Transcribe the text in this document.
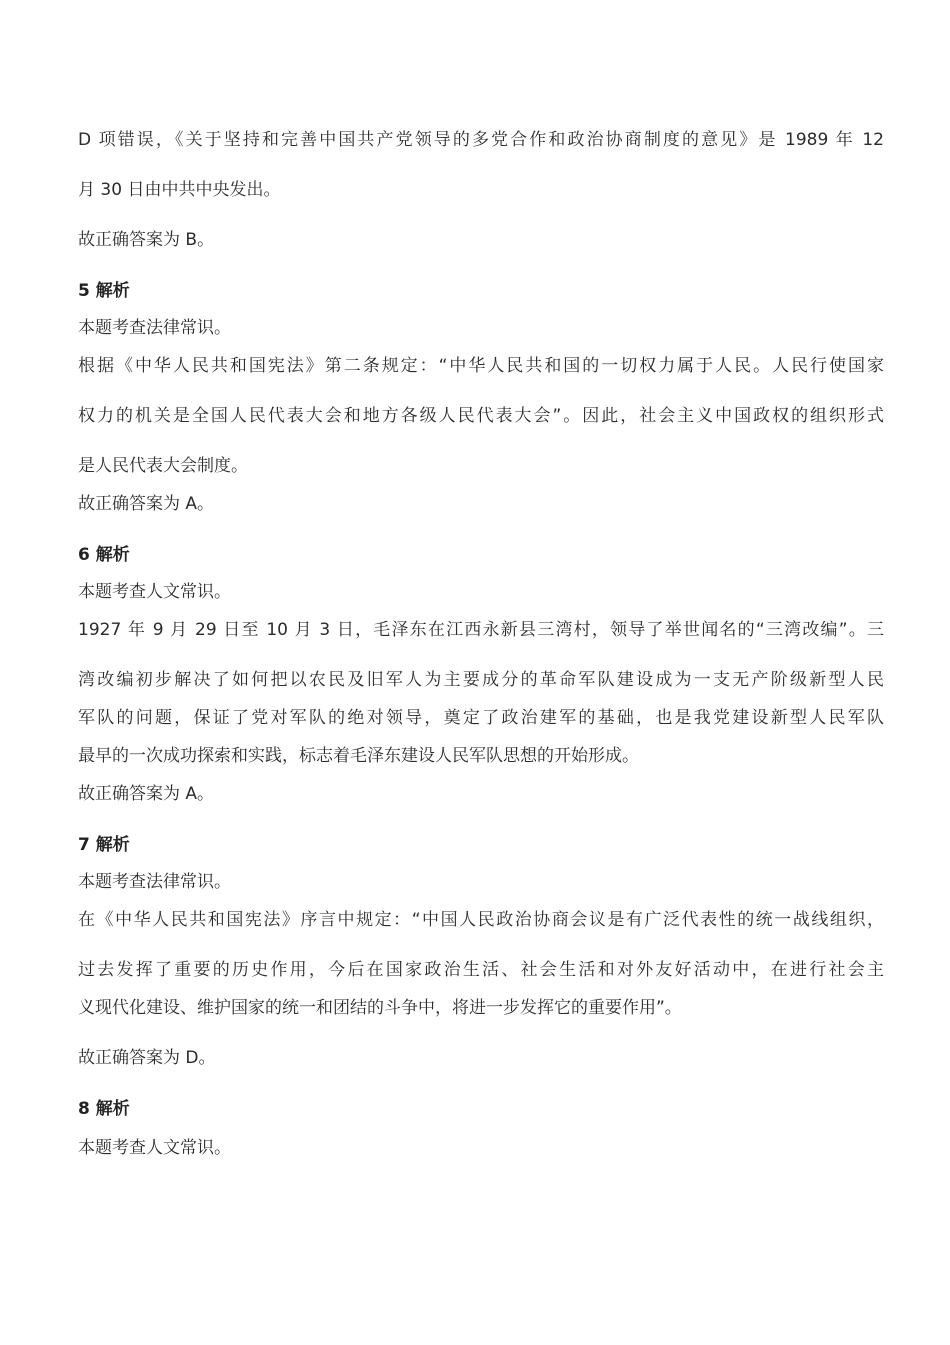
D 项错误，《关于坚持和完善中国共产党领导的多党合作和政治协商制度的意见》是 1989 年 12
月 30 日由中共中央发出。
故正确答案为 B。
5 解析
本题考查法律常识。
根据《中华人民共和国宪法》第二条规定：“中华人民共和国的一切权力属于人民。人民行使国家
权力的机关是全国人民代表大会和地方各级人民代表大会”。因此，社会主义中国政权的组织形式
是人民代表大会制度。
故正确答案为 A。
6 解析
本题考查人文常识。
1927 年 9 月 29 日至 10 月 3 日，毛泽东在江西永新县三湾村，领导了举世闻名的“三湾改编”。三
湾改编初步解决了如何把以农民及旧军人为主要成分的革命军队建设成为一支无产阶级新型人民
军队的问题，保证了党对军队的绝对领导，奠定了政治建军的基础，也是我党建设新型人民军队
最早的一次成功探索和实践，标志着毛泽东建设人民军队思想的开始形成。
故正确答案为 A。
7 解析
本题考查法律常识。
在《中华人民共和国宪法》序言中规定：“中国人民政治协商会议是有广泛代表性的统一战线组织，
过去发挥了重要的历史作用，今后在国家政治生活、社会生活和对外友好活动中，在进行社会主
义现代化建设、维护国家的统一和团结的斗争中，将进一步发挥它的重要作用”。
故正确答案为 D。
8 解析
本题考查人文常识。
